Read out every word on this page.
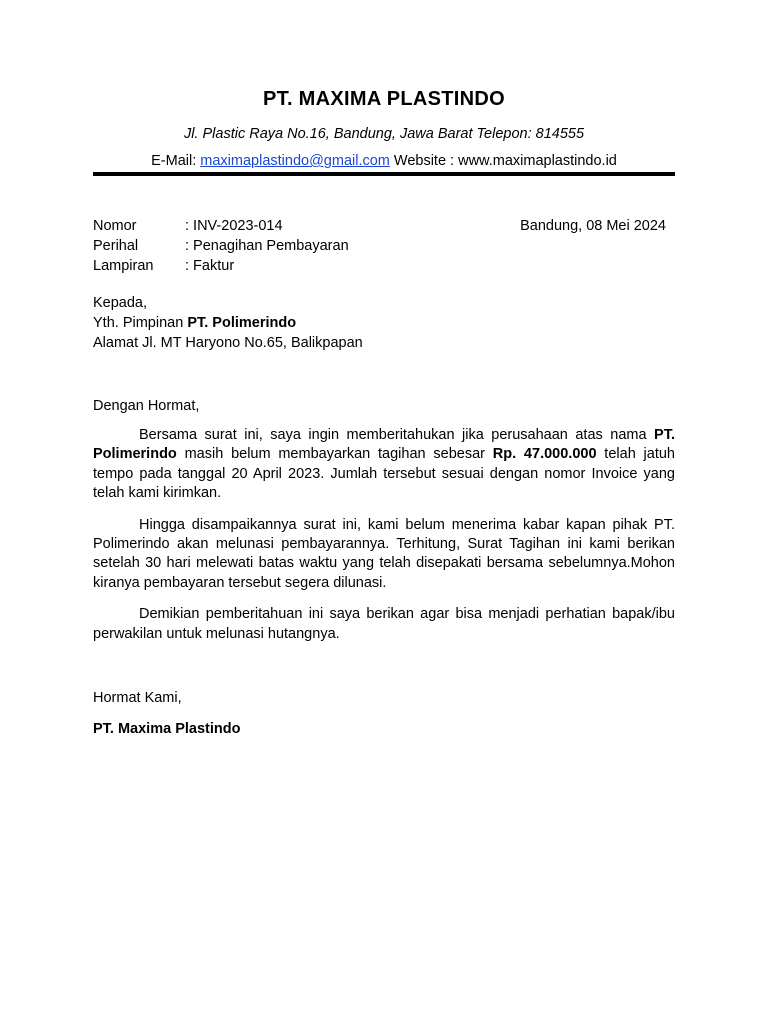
PT. MAXIMA PLASTINDO
Jl. Plastic Raya No.16, Bandung, Jawa Barat Telepon: 814555
E-Mail: maximaplastindo@gmail.com Website : www.maximaplastindo.id
Nomor	: INV-2023-014	Bandung, 08 Mei 2024
Perihal	: Penagihan Pembayaran
Lampiran : Faktur
Kepada,
Yth. Pimpinan PT. Polimerindo
Alamat Jl. MT Haryono No.65, Balikpapan
Dengan Hormat,

Bersama surat ini, saya ingin memberitahukan jika perusahaan atas nama PT. Polimerindo masih belum membayarkan tagihan sebesar Rp. 47.000.000 telah jatuh tempo pada tanggal 20 April 2023. Jumlah tersebut sesuai dengan nomor Invoice yang telah kami kirimkan.

Hingga disampaikannya surat ini, kami belum menerima kabar kapan pihak PT. Polimerindo akan melunasi pembayarannya. Terhitung, Surat Tagihan ini kami berikan setelah 30 hari melewati batas waktu yang telah disepakati bersama sebelumnya.Mohon kiranya pembayaran tersebut segera dilunasi.

Demikian pemberitahuan ini saya berikan agar bisa menjadi perhatian bapak/ibu perwakilan untuk melunasi hutangnya.

Hormat Kami,
PT. Maxima Plastindo
